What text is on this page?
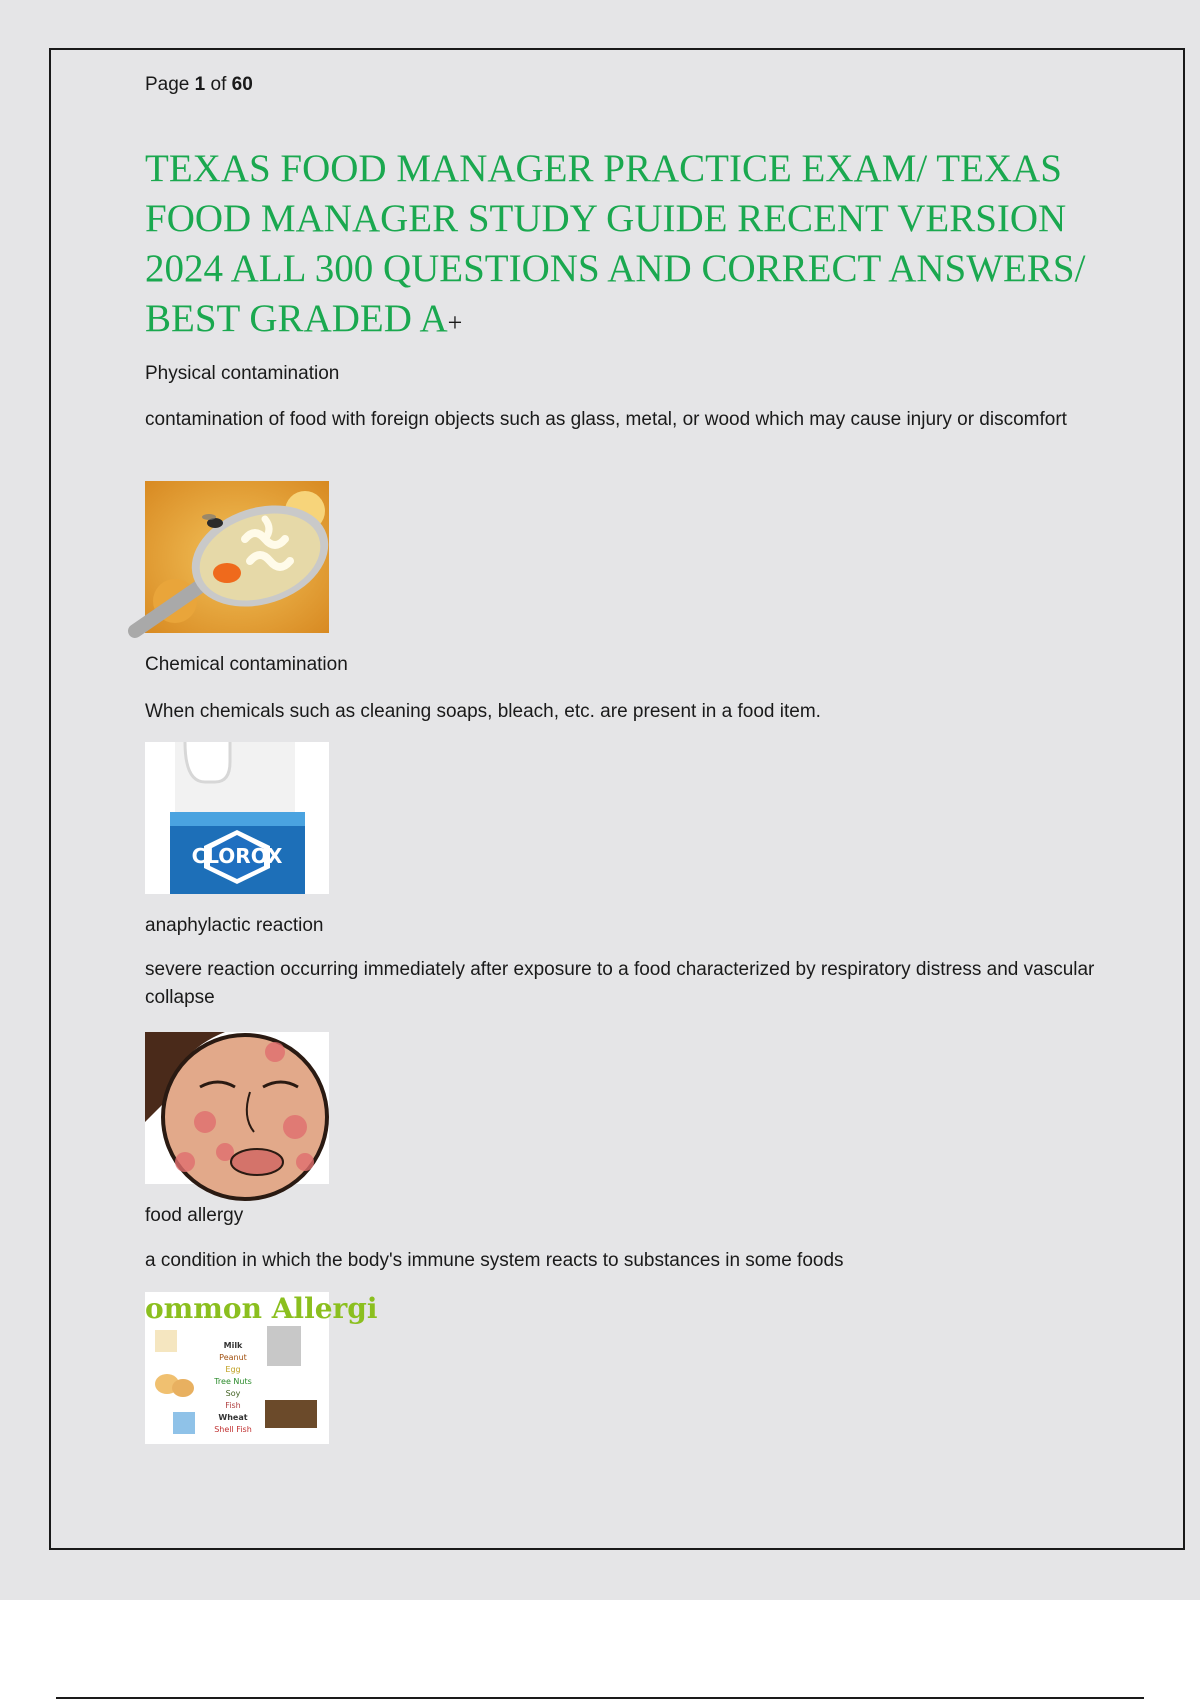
Page 1 of 60
TEXAS FOOD MANAGER PRACTICE EXAM/ TEXAS FOOD MANAGER STUDY GUIDE RECENT VERSION 2024 ALL 300 QUESTIONS AND CORRECT ANSWERS/ BEST GRADED A+

Physical contamination

contamination of food with foreign objects such as glass, metal, or wood which may cause injury or discomfort

Chemical contamination

When chemicals such as cleaning soaps, bleach, etc. are present in a food item.

CLOROX

anaphylactic reaction

severe reaction occurring immediately after exposure to a food characterized by respiratory distress and vascular collapse

food allergy

a condition in which the body's immune system reacts to substances in some foods

ommon Allergi
Milk
Peanut
Egg
Tree Nuts
Soy
Fish
Wheat
Shell Fish
